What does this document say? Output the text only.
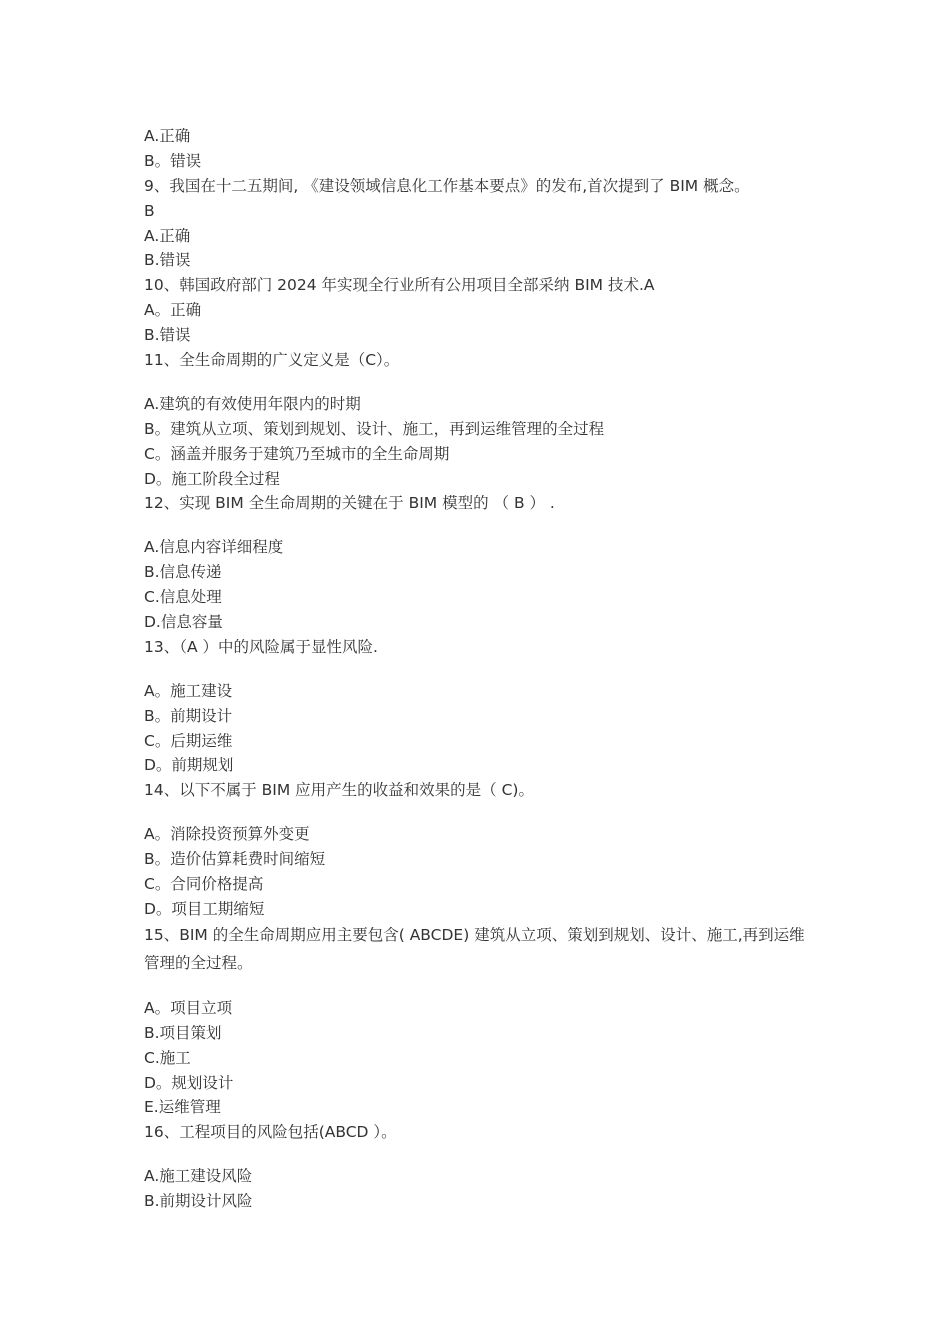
A.正确
B。错误
9、我国在十二五期间, 《建设领域信息化工作基本要点》的发布,首次提到了 BIM 概念。
B
A.正确
B.错误
10、韩国政府部门 2024 年实现全行业所有公用项目全部采纳 BIM 技术.A
A。正确
B.错误
11、全生命周期的广义定义是（C）。
A.建筑的有效使用年限内的时期
B。建筑从立项、策划到规划、设计、施工，再到运维管理的全过程
C。涵盖并服务于建筑乃至城市的全生命周期
D。施工阶段全过程
12、实现 BIM 全生命周期的关键在于 BIM 模型的 （ B ） .
A.信息内容详细程度
B.信息传递
C.信息处理
D.信息容量
13、（A ）中的风险属于显性风险.
A。施工建设
B。前期设计
C。后期运维
D。前期规划
14、以下不属于 BIM 应用产生的收益和效果的是（ C)。
A。消除投资预算外变更
B。造价估算耗费时间缩短
C。合同价格提高
D。项目工期缩短
15、BIM 的全生命周期应用主要包含( ABCDE) 建筑从立项、策划到规划、设计、施工,再到运维管理的全过程。
A。项目立项
B.项目策划
C.施工
D。规划设计
E.运维管理
16、工程项目的风险包括(ABCD ）。
A.施工建设风险
B.前期设计风险
